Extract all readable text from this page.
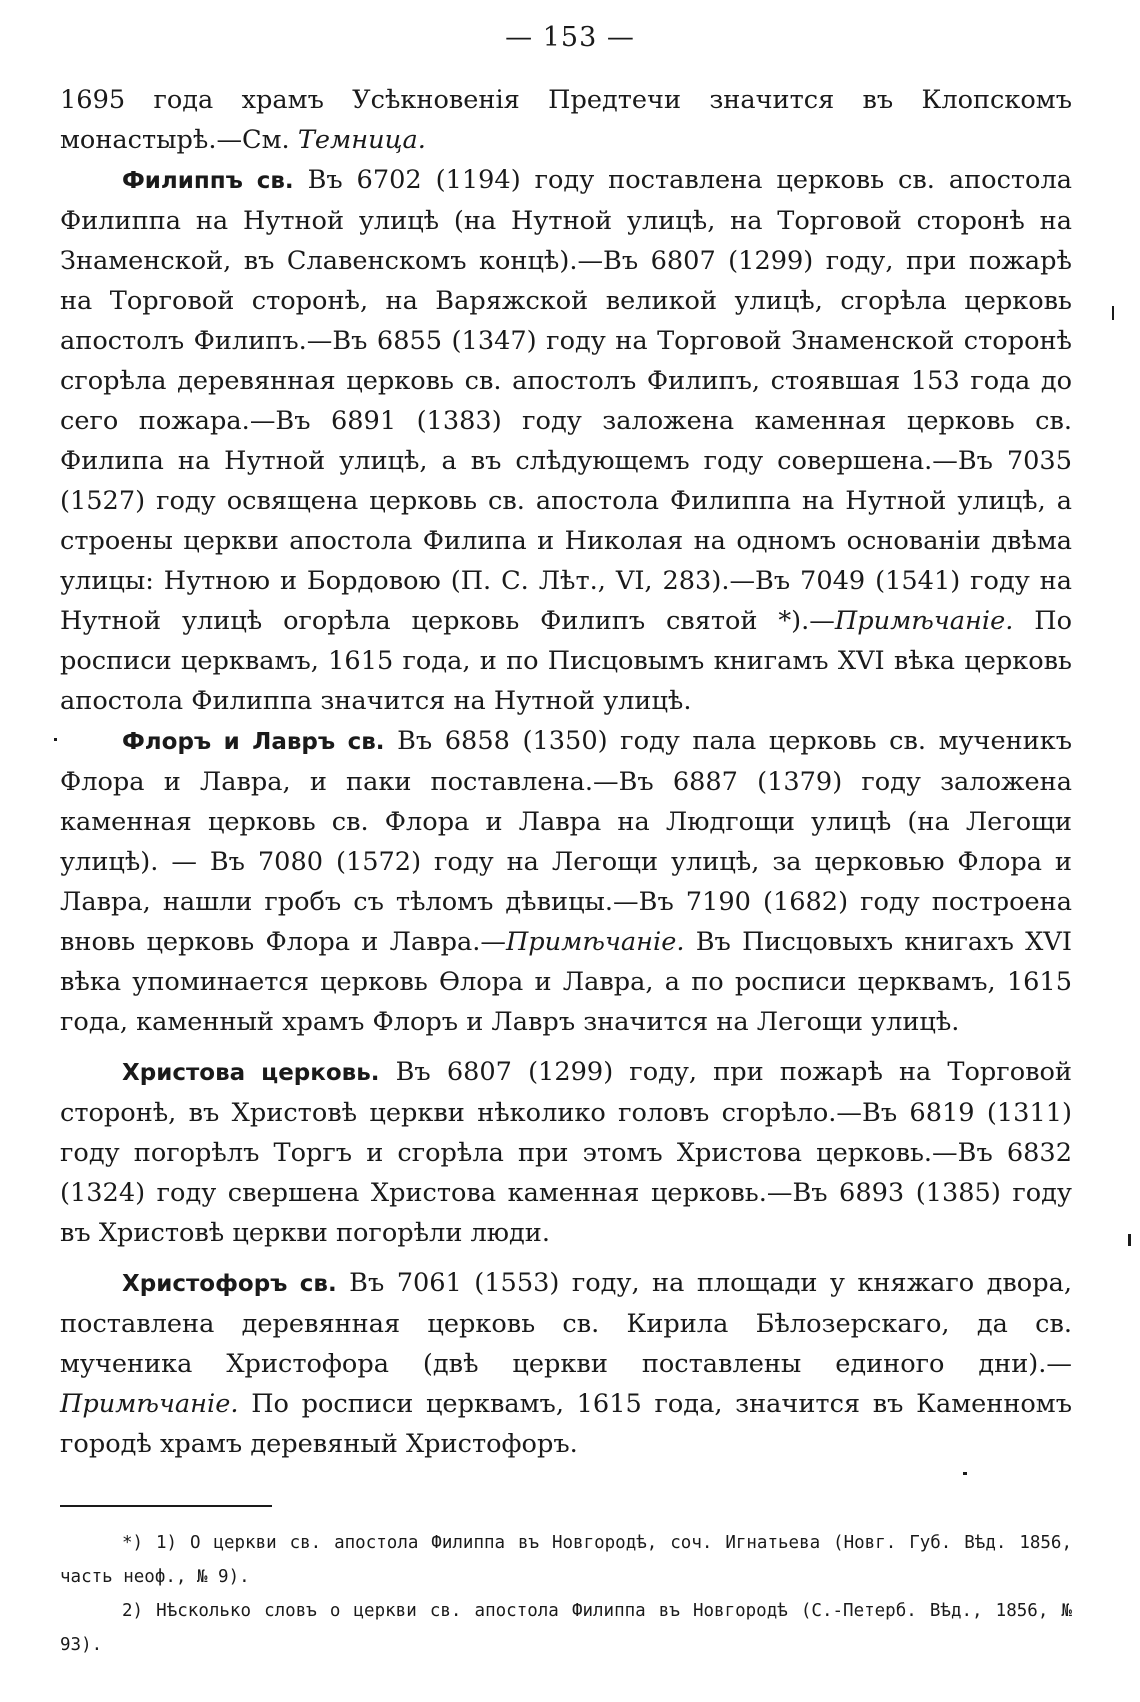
— 153 —

1695 года храмъ Усѣкновенія Предтечи значится въ Клопскомъ монастырѣ.—См. Темница.

Филиппъ св. Въ 6702 (1194) году поставлена церковь св. апостола Филиппа на Нутной улицѣ (на Нутной улицѣ, на Торговой сторонѣ на Знаменской, въ Славенскомъ концѣ).—Въ 6807 (1299) году, при пожарѣ на Торговой сторонѣ, на Варяжской великой улицѣ, сгорѣла церковь апостолъ Филипъ.—Въ 6855 (1347) году на Торговой Знаменской сторонѣ сгорѣла деревянная церковь св. апостолъ Филипъ, стоявшая 153 года до сего пожара.—Въ 6891 (1383) году заложена каменная церковь св. Филипа на Нутной улицѣ, а въ слѣдующемъ году совершена.—Въ 7035 (1527) году освящена церковь св. апостола Филиппа на Нутной улицѣ, а строены церкви апостола Филипа и Николая на одномъ основаніи двѣма улицы: Нутною и Бордовою (П. С. Лѣт., VI, 283).—Въ 7049 (1541) году на Нутной улицѣ огорѣла церковь Филипъ святой *).—Примѣчаніе. По росписи церквамъ, 1615 года, и по Писцовымъ книгамъ XVI вѣка церковь апостола Филиппа значится на Нутной улицѣ.

Флоръ и Лавръ св. Въ 6858 (1350) году пала церковь св. мученикъ Флора и Лавра, и паки поставлена.—Въ 6887 (1379) году заложена каменная церковь св. Флора и Лавра на Людгощи улицѣ (на Легощи улицѣ). — Въ 7080 (1572) году на Легощи улицѣ, за церковью Флора и Лавра, нашли гробъ съ тѣломъ дѣвицы.—Въ 7190 (1682) году построена вновь церковь Флора и Лавра.—Примѣчаніе. Въ Писцовыхъ книгахъ XVI вѣка упоминается церковь Ѳлора и Лавра, а по росписи церквамъ, 1615 года, каменный храмъ Флоръ и Лавръ значится на Легощи улицѣ.

Христова церковь. Въ 6807 (1299) году, при пожарѣ на Торговой сторонѣ, въ Христовѣ церкви нѣколико головъ сгорѣло.—Въ 6819 (1311) году погорѣлъ Торгъ и сгорѣла при этомъ Христова церковь.—Въ 6832 (1324) году свершена Христова каменная церковь.—Въ 6893 (1385) году въ Христовѣ церкви погорѣли люди.

Христофоръ св. Въ 7061 (1553) году, на площади у княжаго двора, поставлена деревянная церковь св. Кирила Бѣлозерскаго, да св. мученика Христофора (двѣ церкви поставлены единого дни).—Примѣчаніе. По росписи церквамъ, 1615 года, значится въ Каменномъ городѣ храмъ деревяный Христофоръ.

*) 1) О церкви св. апостола Филиппа въ Новгородѣ, соч. Игнатьева (Новг. Губ. Вѣд. 1856, часть неоф., № 9).

2) Нѣсколько словъ о церкви св. апостола Филиппа въ Новгородѣ (С.-Петерб. Вѣд., 1856, № 93).
